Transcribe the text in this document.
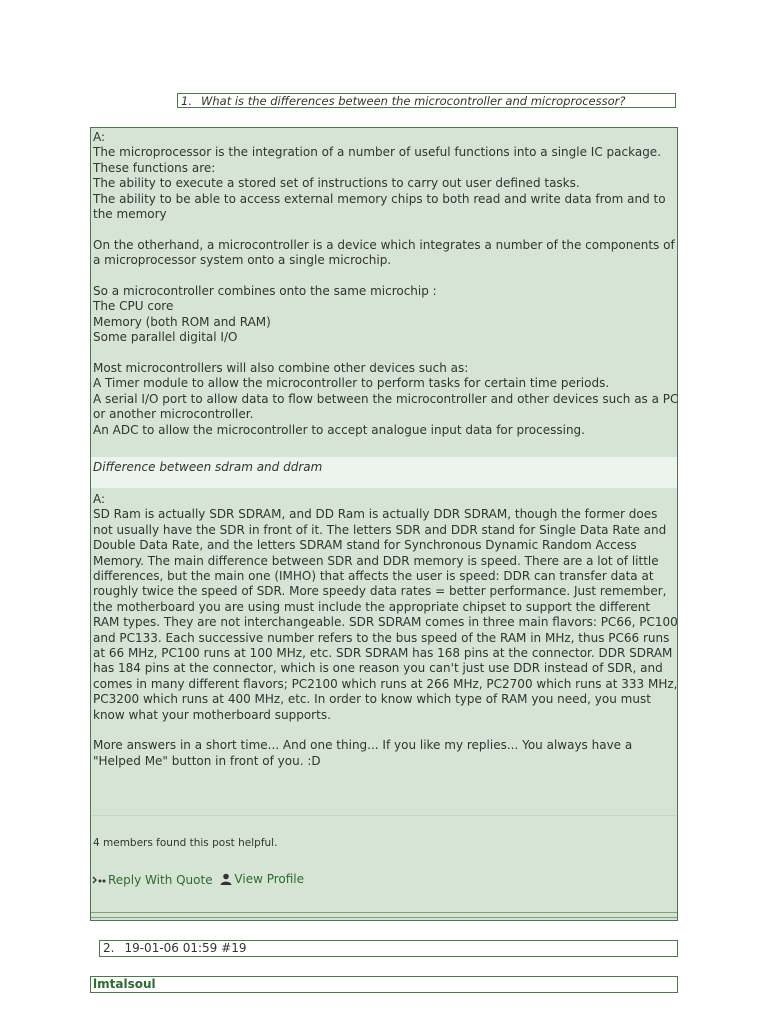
1. What is the differences between the microcontroller and microprocessor?

A:
The microprocessor is the integration of a number of useful functions into a single IC package. These functions are:
The ability to execute a stored set of instructions to carry out user defined tasks.
The ability to be able to access external memory chips to both read and write data from and to the memory

On the otherhand, a microcontroller is a device which integrates a number of the components of a microprocessor system onto a single microchip.

So a microcontroller combines onto the same microchip :
The CPU core
Memory (both ROM and RAM)
Some parallel digital I/O

Most microcontrollers will also combine other devices such as:
A Timer module to allow the microcontroller to perform tasks for certain time periods.
A serial I/O port to allow data to flow between the microcontroller and other devices such as a PC or another microcontroller.
An ADC to allow the microcontroller to accept analogue input data for processing.

Difference between sdram and ddram

A:
SD Ram is actually SDR SDRAM, and DD Ram is actually DDR SDRAM, though the former does not usually have the SDR in front of it. The letters SDR and DDR stand for Single Data Rate and Double Data Rate, and the letters SDRAM stand for Synchronous Dynamic Random Access Memory. The main difference between SDR and DDR memory is speed. There are a lot of little differences, but the main one (IMHO) that affects the user is speed: DDR can transfer data at roughly twice the speed of SDR. More speedy data rates = better performance. Just remember, the motherboard you are using must include the appropriate chipset to support the different RAM types. They are not interchangeable. SDR SDRAM comes in three main flavors: PC66, PC100 and PC133. Each successive number refers to the bus speed of the RAM in MHz, thus PC66 runs at 66 MHz, PC100 runs at 100 MHz, etc. SDR SDRAM has 168 pins at the connector. DDR SDRAM has 184 pins at the connector, which is one reason you can't just use DDR instead of SDR, and comes in many different flavors; PC2100 which runs at 266 MHz, PC2700 which runs at 333 MHz, PC3200 which runs at 400 MHz, etc. In order to know which type of RAM you need, you must know what your motherboard supports.

More answers in a short time... And one thing... If you like my replies... You always have a "Helped Me" button in front of you. :D

4 members found this post helpful.
Reply With Quote
View Profile
2. 19-01-06 01:59 #19
lmtalsoul
